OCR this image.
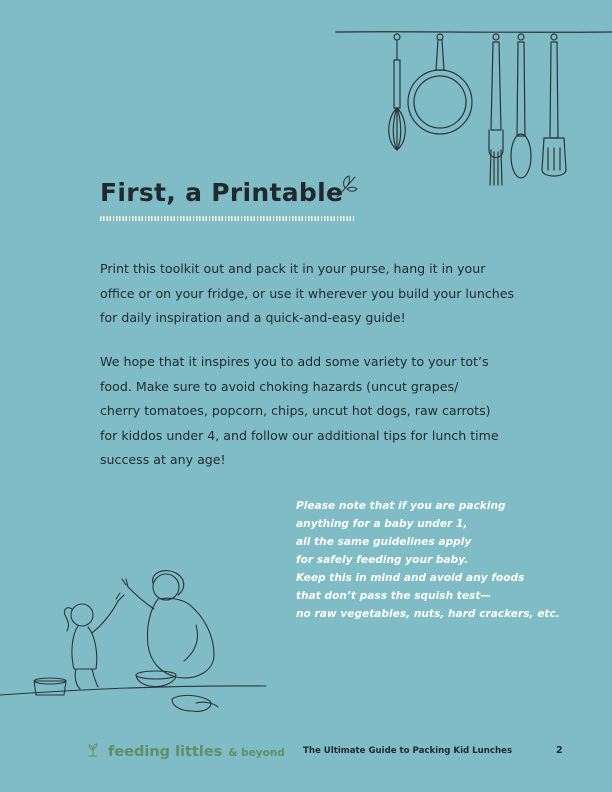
First, a Printable

Print this toolkit out and pack it in your purse, hang it in your
office or on your fridge, or use it wherever you build your lunches
for daily inspiration and a quick-and-easy guide!

We hope that it inspires you to add some variety to your tot’s
food. Make sure to avoid choking hazards (uncut grapes/
cherry tomatoes, popcorn, chips, uncut hot dogs, raw carrots)
for kiddos under 4, and follow our additional tips for lunch time
success at any age!

Please note that if you are packing
anything for a baby under 1,
all the same guidelines apply
for safely feeding your baby.
Keep this in mind and avoid any foods
that don’t pass the squish test—
no raw vegetables, nuts, hard crackers, etc.

feeding littles & beyond The Ultimate Guide to Packing Kid Lunches	2
